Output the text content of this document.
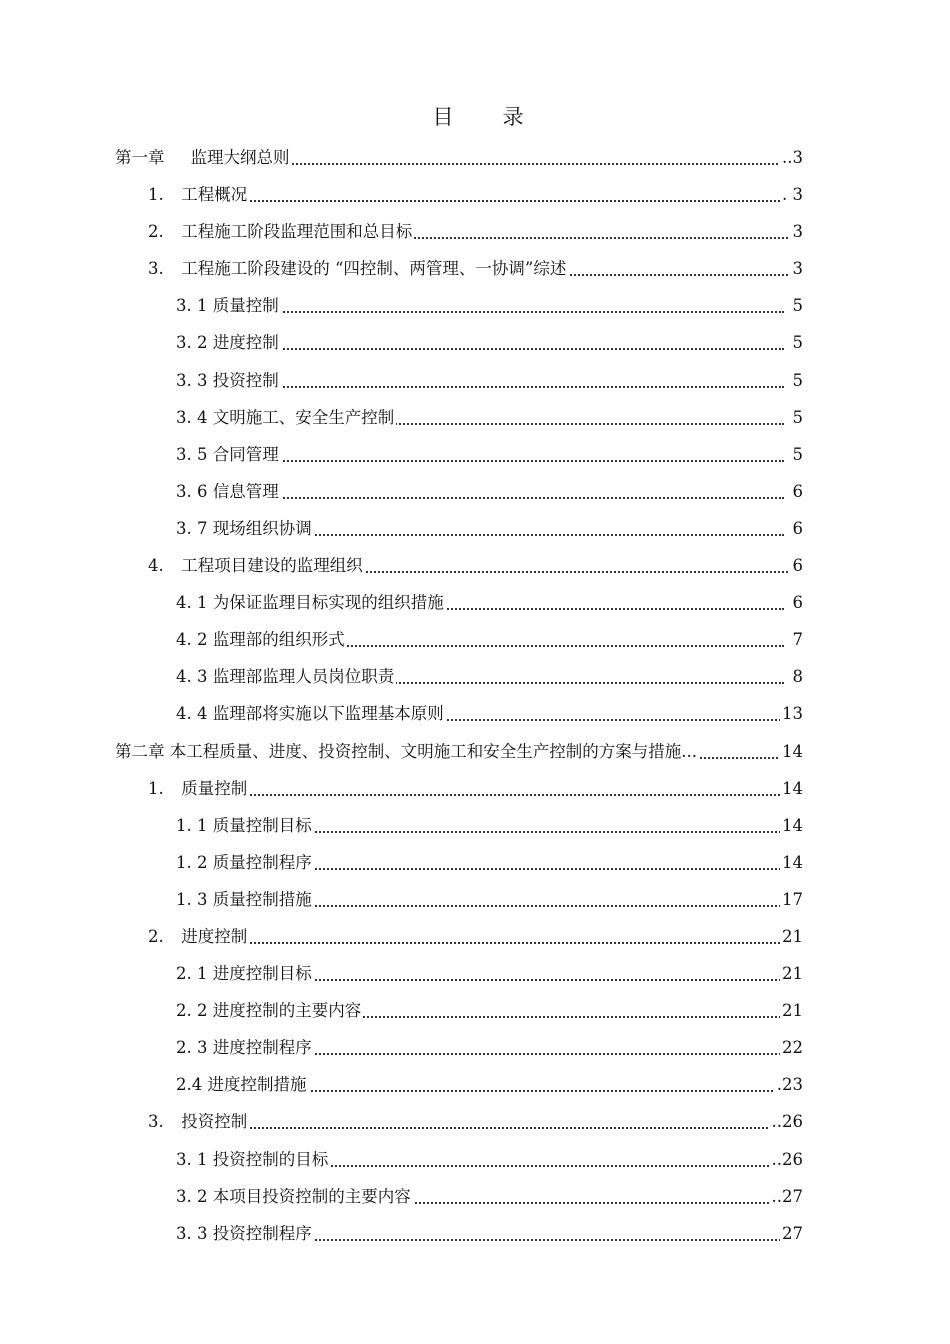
目　录
第一章 监理大纲总则	..3
1. 工程概况	. 3
2. 工程施工阶段监理范围和总目标	3
3. 工程施工阶段建设的 “四控制、两管理、一协调”综述	3
3. 1 质量控制	5
3. 2 进度控制	5
3. 3 投资控制	5
3. 4 文明施工、安全生产控制	5
3. 5 合同管理	5
3. 6 信息管理	6
3. 7 现场组织协调	6
4. 工程项目建设的监理组织	6
4. 1 为保证监理目标实现的组织措施	6
4. 2 监理部的组织形式	7
4. 3 监理部监理人员岗位职责	8
4. 4 监理部将实施以下监理基本原则	13
第二章 本工程质量、进度、投资控制、文明施工和安全生产控制的方案与措施...	14
1. 质量控制	14
1. 1 质量控制目标	14
1. 2 质量控制程序	14
1. 3 质量控制措施	17
2. 进度控制	21
2. 1 进度控制目标	21
2. 2 进度控制的主要内容	21
2. 3 进度控制程序	22
2.4 进度控制措施	.23
3. 投资控制	..26
3. 1 投资控制的目标	..26
3. 2 本项目投资控制的主要内容	..27
3. 3 投资控制程序	27
